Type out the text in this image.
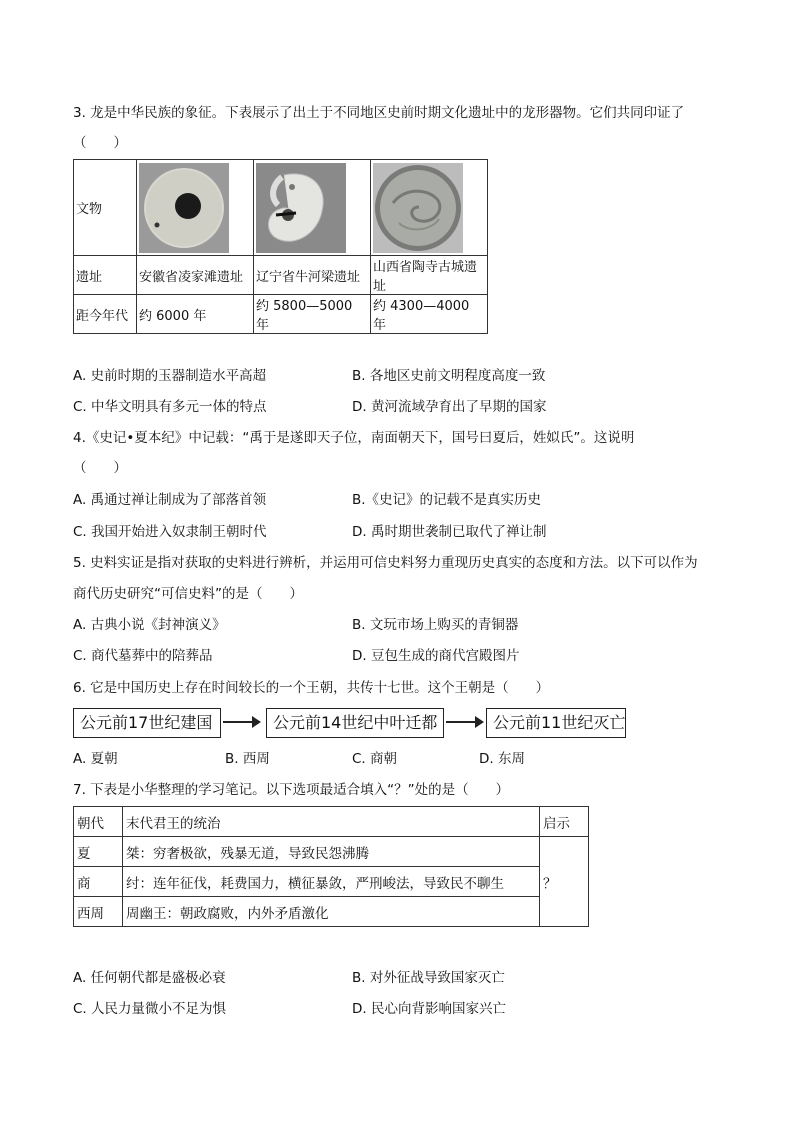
3. 龙是中华民族的象征。下表展示了出土于不同地区史前时期文化遗址中的龙形器物。它们共同印证了
（　　）
文物	

遗址	安徽省凌家滩遗址	辽宁省牛河梁遗址	山西省陶寺古城遗址
距今年代	约 6000 年	约 5800—5000 年	约 4300—4000 年
A. 史前时期的玉器制造水平高超	B. 各地区史前文明程度高度一致
C. 中华文明具有多元一体的特点	D. 黄河流域孕育出了早期的国家
4.《史记•夏本纪》中记载：“禹于是遂即天子位，南面朝天下，国号曰夏后，姓姒氏”。这说明
（　　）
A. 禹通过禅让制成为了部落首领	B.《史记》的记载不是真实历史
C. 我国开始进入奴隶制王朝时代	D. 禹时期世袭制已取代了禅让制
5. 史料实证是指对获取的史料进行辨析，并运用可信史料努力重现历史真实的态度和方法。以下可以作为
商代历史研究“可信史料”的是（　　）
A. 古典小说《封神演义》	B. 文玩市场上购买的青铜器
C. 商代墓葬中的陪葬品	D. 豆包生成的商代宫殿图片
6. 它是中国历史上存在时间较长的一个王朝，共传十七世。这个王朝是（　　）
公元前17世纪建国	公元前14世纪中叶迁都	公元前11世纪灭亡
A. 夏朝	B. 西周	C. 商朝	D. 东周
7. 下表是小华整理的学习笔记。以下选项最适合填入“？”处的是（　　）
朝代	末代君王的统治	启示
夏	桀：穷奢极欲，残暴无道，导致民怨沸腾	？
商	纣：连年征伐，耗费国力，横征暴敛，严刑峻法，导致民不聊生	
西周	周幽王：朝政腐败，内外矛盾激化	
A. 任何朝代都是盛极必衰	B. 对外征战导致国家灭亡
C. 人民力量微小不足为惧	D. 民心向背影响国家兴亡
